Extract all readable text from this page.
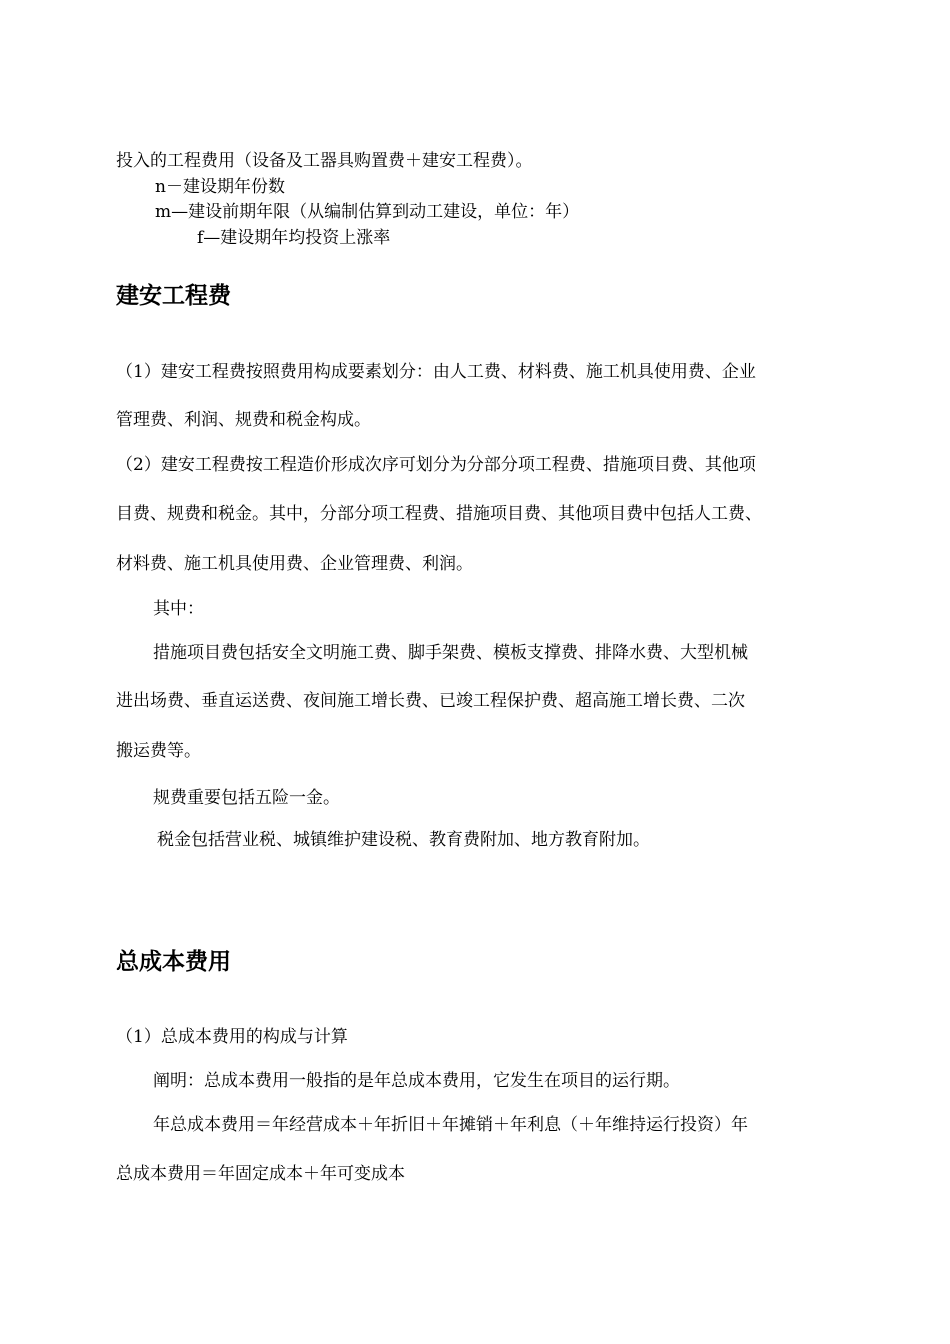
投入的工程费用（设备及工器具购置费＋建安工程费）。
n－建设期年份数
m—建设前期年限（从编制估算到动工建设，单位：年）
f—建设期年均投资上涨率
建安工程费
（1）建安工程费按照费用构成要素划分：由人工费、材料费、施工机具使用费、企业
管理费、利润、规费和税金构成。
（2）建安工程费按工程造价形成次序可划分为分部分项工程费、措施项目费、其他项
目费、规费和税金。其中，分部分项工程费、措施项目费、其他项目费中包括人工费、
材料费、施工机具使用费、企业管理费、利润。
其中：
措施项目费包括安全文明施工费、脚手架费、模板支撑费、排降水费、大型机械
进出场费、垂直运送费、夜间施工增长费、已竣工程保护费、超高施工增长费、二次
搬运费等。
规费重要包括五险一金。
税金包括营业税、城镇维护建设税、教育费附加、地方教育附加。
总成本费用
（1）总成本费用的构成与计算
阐明：总成本费用一般指的是年总成本费用，它发生在项目的运行期。
年总成本费用＝年经营成本＋年折旧＋年摊销＋年利息（＋年维持运行投资）年
总成本费用＝年固定成本＋年可变成本
